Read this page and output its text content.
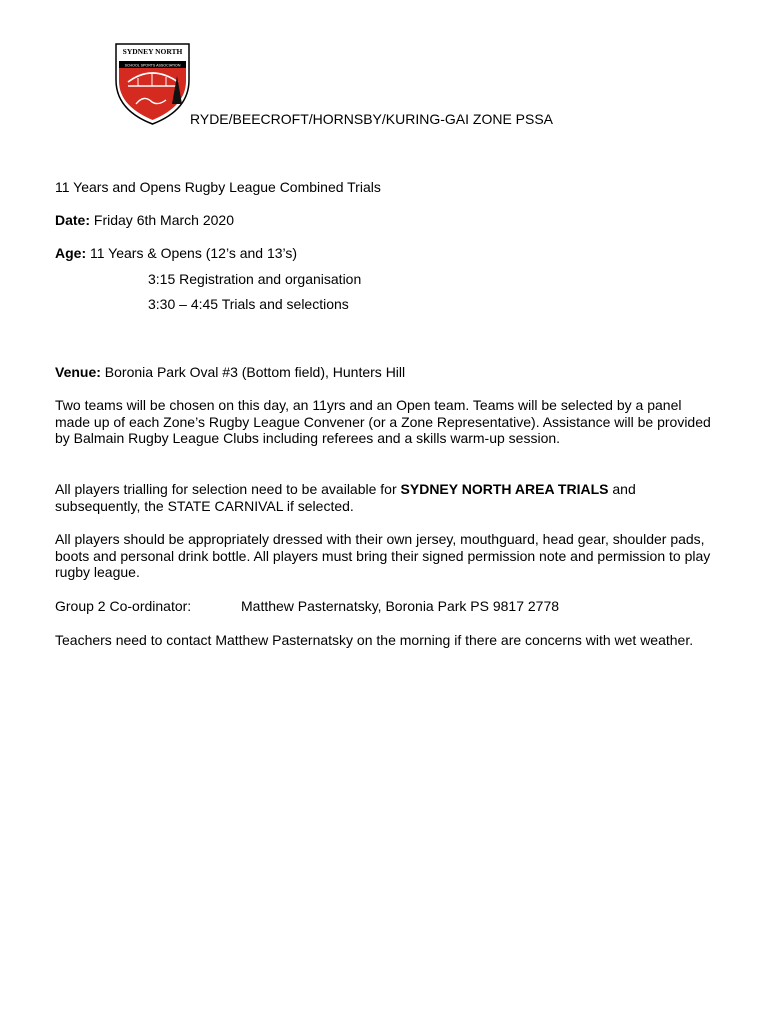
SYDNEY NORTH
SCHOOL SPORTS ASSOCIATION
RYDE/BEECROFT/HORNSBY/KURING-GAI ZONE PSSA
11 Years and Opens Rugby League Combined Trials
Date: Friday 6th March 2020
Age: 11 Years & Opens (12’s and 13’s)
3:15 Registration and organisation
3:30 – 4:45 Trials and selections
Venue: Boronia Park Oval #3 (Bottom field), Hunters Hill
Two teams will be chosen on this day, an 11yrs and an Open team. Teams will be selected by a panel made up of each Zone’s Rugby League Convener (or a Zone Representative). Assistance will be provided by Balmain Rugby League Clubs including referees and a skills warm-up session.
All players trialling for selection need to be available for SYDNEY NORTH AREA TRIALS and subsequently, the STATE CARNIVAL if selected.
All players should be appropriately dressed with their own jersey, mouthguard, head gear, shoulder pads, boots and personal drink bottle. All players must bring their signed permission note and permission to play rugby league.
Group 2 Co-ordinator:	Matthew Pasternatsky, Boronia Park PS 9817 2778
Teachers need to contact Matthew Pasternatsky on the morning if there are concerns with wet weather.
